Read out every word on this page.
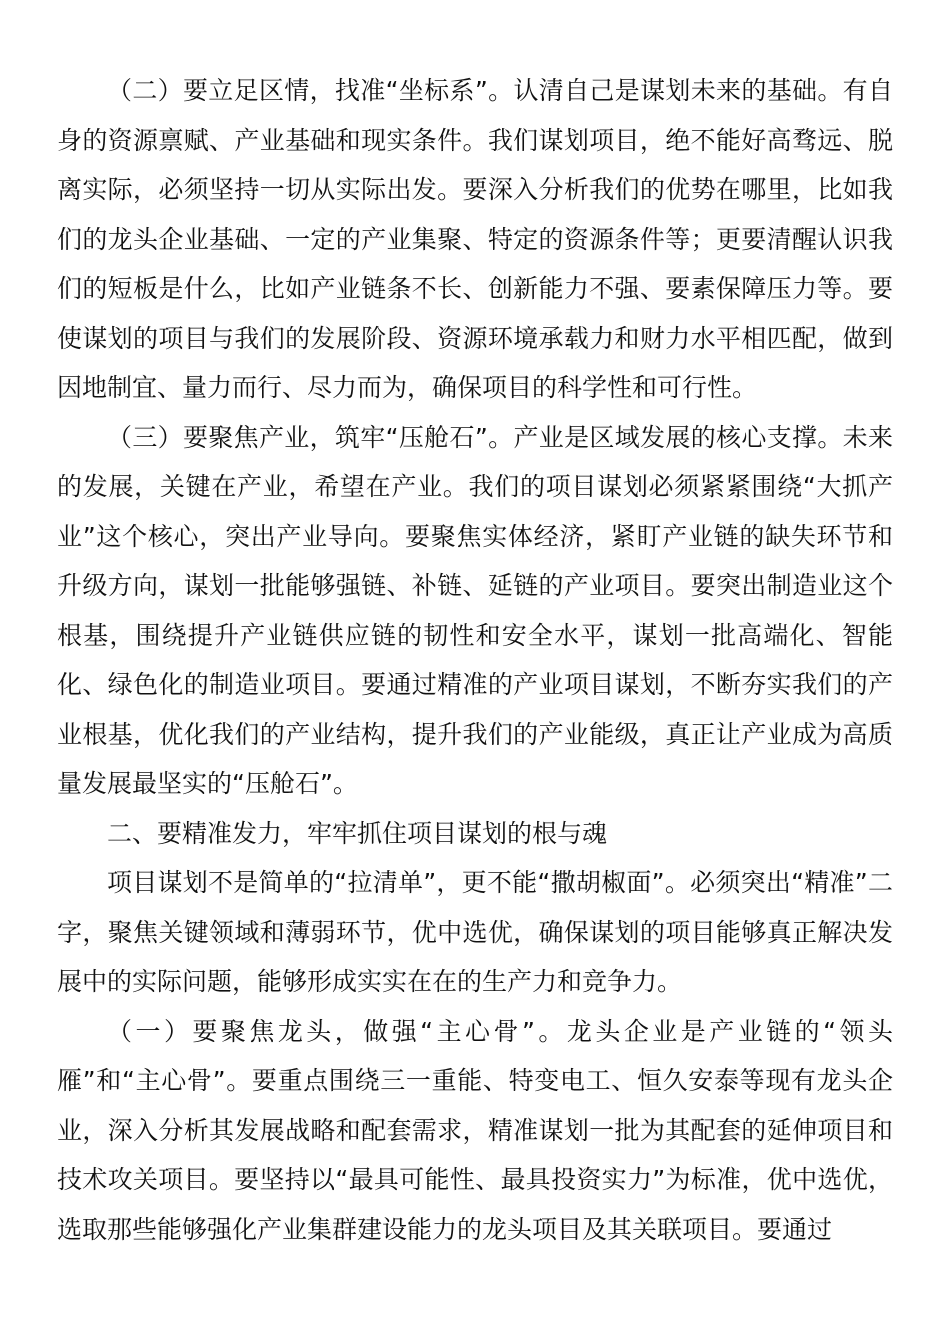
（二）要立足区情，找准“坐标系”。认清自己是谋划未来的基础。有自身的资源禀赋、产业基础和现实条件。我们谋划项目，绝不能好高骛远、脱离实际，必须坚持一切从实际出发。要深入分析我们的优势在哪里，比如我们的龙头企业基础、一定的产业集聚、特定的资源条件等；更要清醒认识我们的短板是什么，比如产业链条不长、创新能力不强、要素保障压力等。要使谋划的项目与我们的发展阶段、资源环境承载力和财力水平相匹配，做到因地制宜、量力而行、尽力而为，确保项目的科学性和可行性。

（三）要聚焦产业，筑牢“压舱石”。产业是区域发展的核心支撑。未来的发展，关键在产业，希望在产业。我们的项目谋划必须紧紧围绕“大抓产业”这个核心，突出产业导向。要聚焦实体经济，紧盯产业链的缺失环节和升级方向，谋划一批能够强链、补链、延链的产业项目。要突出制造业这个根基，围绕提升产业链供应链的韧性和安全水平，谋划一批高端化、智能化、绿色化的制造业项目。要通过精准的产业项目谋划，不断夯实我们的产业根基，优化我们的产业结构，提升我们的产业能级，真正让产业成为高质量发展最坚实的“压舱石”。

二、要精准发力，牢牢抓住项目谋划的根与魂

项目谋划不是简单的“拉清单”，更不能“撒胡椒面”。必须突出“精准”二字，聚焦关键领域和薄弱环节，优中选优，确保谋划的项目能够真正解决发展中的实际问题，能够形成实实在在的生产力和竞争力。

（一）要聚焦龙头，做强“主心骨”。龙头企业是产业链的“领头雁”和“主心骨”。要重点围绕三一重能、特变电工、恒久安泰等现有龙头企业，深入分析其发展战略和配套需求，精准谋划一批为其配套的延伸项目和技术攻关项目。要坚持以“最具可能性、最具投资实力”为标准，优中选优，选取那些能够强化产业集群建设能力的龙头项目及其关联项目。要通过
